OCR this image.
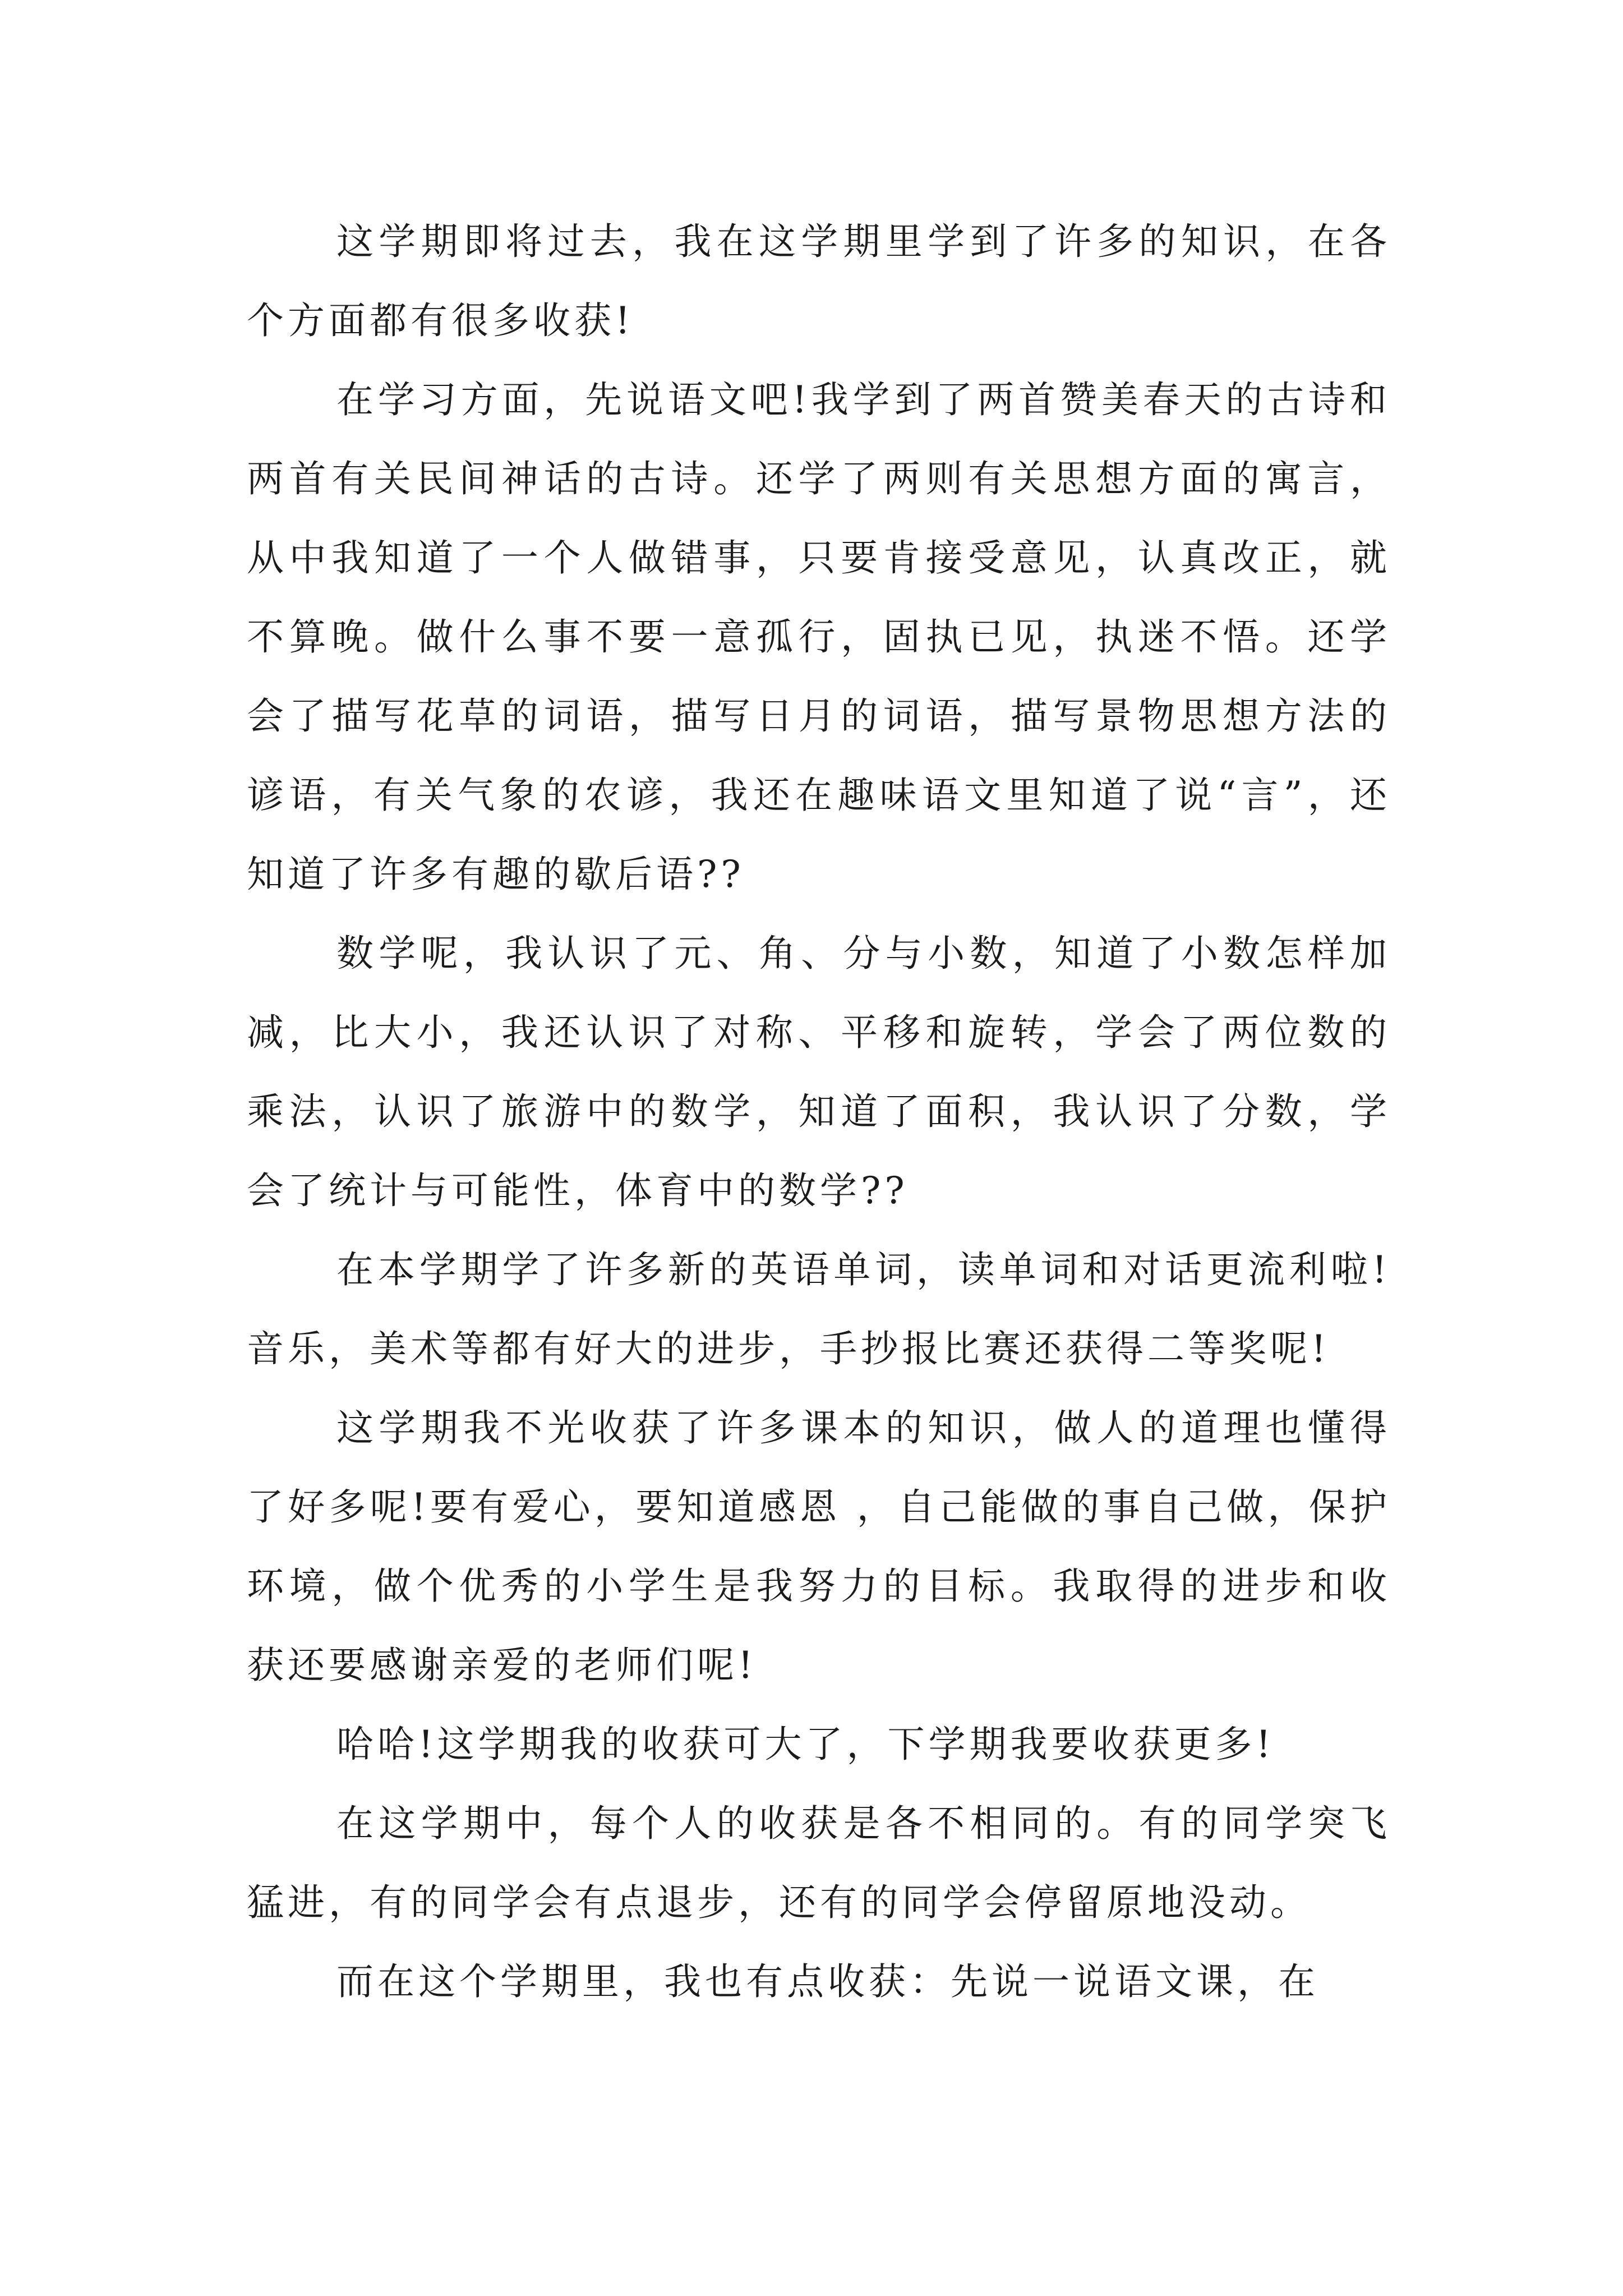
这学期即将过去，我在这学期里学到了许多的知识，在各个方面都有很多收获!

在学习方面，先说语文吧!我学到了两首赞美春天的古诗和两首有关民间神话的古诗。还学了两则有关思想方面的寓言，从中我知道了一个人做错事，只要肯接受意见，认真改正，就不算晚。做什么事不要一意孤行，固执已见，执迷不悟。还学会了描写花草的词语，描写日月的词语，描写景物思想方法的谚语，有关气象的农谚，我还在趣味语文里知道了说“言”，还知道了许多有趣的歇后语??

数学呢，我认识了元、角、分与小数，知道了小数怎样加减，比大小，我还认识了对称、平移和旋转，学会了两位数的乘法，认识了旅游中的数学，知道了面积，我认识了分数，学会了统计与可能性，体育中的数学??

在本学期学了许多新的英语单词，读单词和对话更流利啦!音乐，美术等都有好大的进步，手抄报比赛还获得二等奖呢!

这学期我不光收获了许多课本的知识，做人的道理也懂得了好多呢!要有爱心，要知道感恩 ，自己能做的事自己做，保护环境，做个优秀的小学生是我努力的目标。我取得的进步和收获还要感谢亲爱的老师们呢!

哈哈!这学期我的收获可大了，下学期我要收获更多!

在这学期中，每个人的收获是各不相同的。有的同学突飞猛进，有的同学会有点退步，还有的同学会停留原地没动。

而在这个学期里，我也有点收获：先说一说语文课，在
